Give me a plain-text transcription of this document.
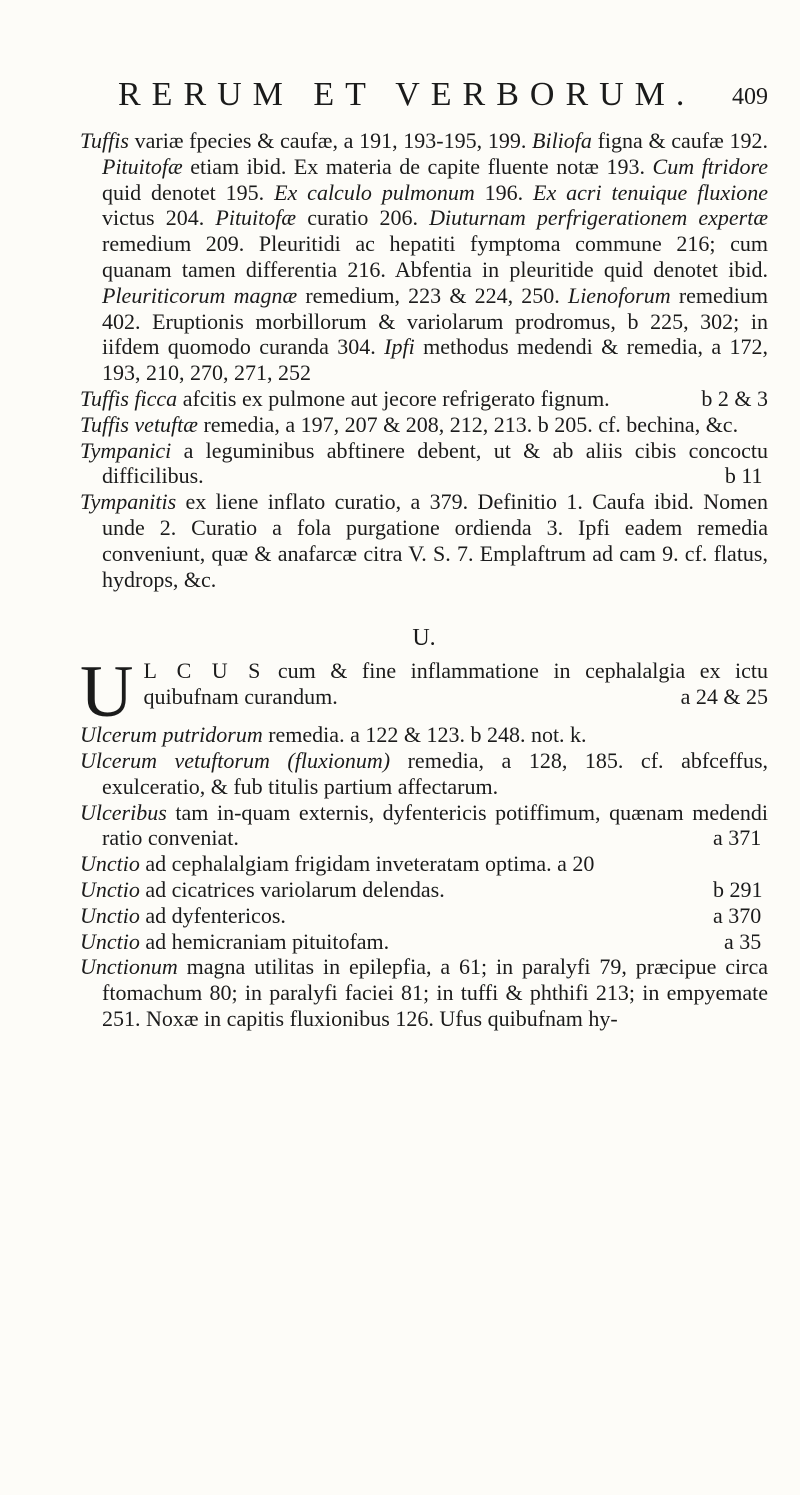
RERUM ET VERBORUM. 409

Tuffis variæ fpecies & caufæ, a 191, 193-195, 199. Biliofa figna & caufæ 192. Pituitofæ etiam ibid. Ex materia de capite fluente notæ 193. Cum ftridore quid denotet 195. Ex calculo pulmonum 196. Ex acri tenuique fluxione victus 204. Pituitofæ curatio 206. Diuturnam perfrigerationem expertæ remedium 209. Pleuritidi ac hepatiti fymptoma commune 216; cum quanam tamen differentia 216. Abfentia in pleuritide quid denotet ibid. Pleuriticorum magnæ remedium, 223 & 224, 250. Lienoforum remedium 402. Eruptionis morbillorum & variolarum prodromus, b 225, 302; in iifdem quomodo curanda 304. Ipfi methodus medendi & remedia, a 172, 193, 210, 270, 271, 252

Tuffis ficca afcitis ex pulmone aut jecore refrigerato fignum.	b 2 & 3

Tuffis vetuftæ remedia, a 197, 207 & 208, 212, 213. b 205. cf. bechina, &c.

Tympanici a leguminibus abftinere debent, ut & ab aliis cibis concoctu difficilibus.	b 11

Tympanitis ex liene inflato curatio, a 379. Definitio 1. Caufa ibid. Nomen unde 2. Curatio a fola purgatione ordienda 3. Ipfi eadem remedia conveniunt, quæ & anafarcæ citra V. S. 7. Emplaftrum ad cam 9. cf. flatus, hydrops, &c.

U.
U L C U S cum & fine inflammatione in cephalalgia ex ictu quibufnam curandum.	a 24 & 25

Ulcerum putridorum remedia. a 122 & 123. b 248. not. k.

Ulcerum vetuftorum (fluxionum) remedia, a 128, 185. cf. abfceffus, exulceratio, & fub titulis partium affectarum.

Ulceribus tam in-quam externis, dyfentericis potiffimum, quænam medendi ratio conveniat.	a 371

Unctio ad cephalalgiam frigidam inveteratam optima. a 20

Unctio ad cicatrices variolarum delendas.	b 291

Unctio ad dyfentericos.	a 370

Unctio ad hemicraniam pituitofam.	a 35

Unctionum magna utilitas in epilepfia, a 61; in paralyfi 79, præcipue circa ftomachum 80; in paralyfi faciei 81; in tuffi & phthifi 213; in empyemate 251. Noxæ in capitis fluxionibus 126. Ufus quibufnam hy-
